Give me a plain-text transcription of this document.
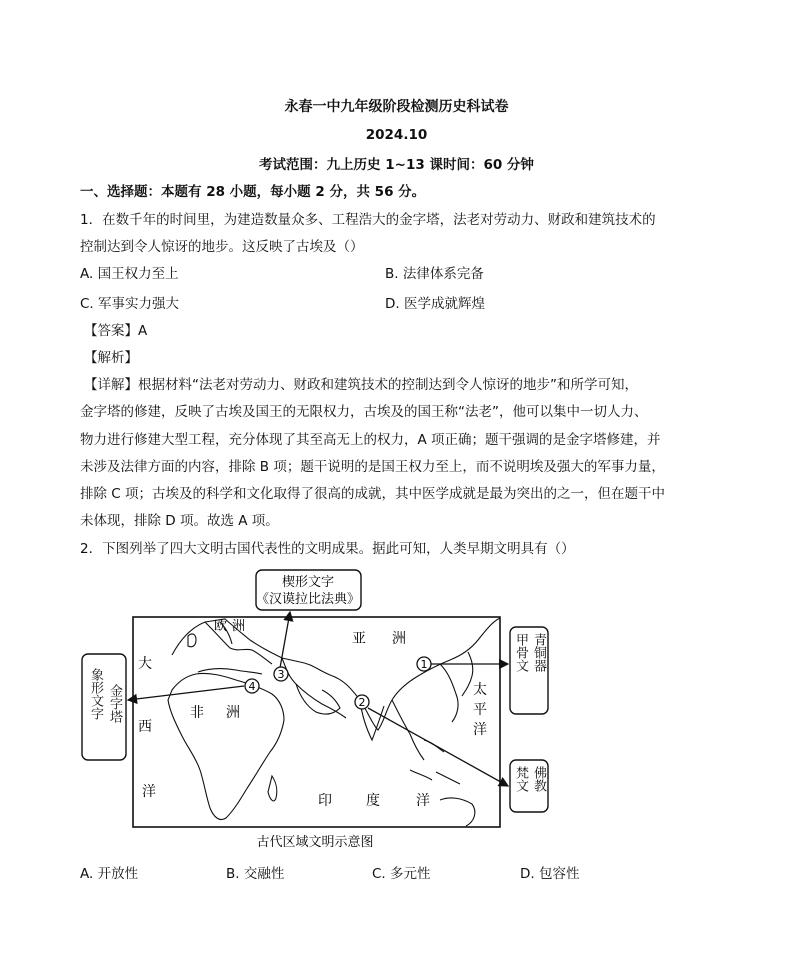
永春一中九年级阶段检测历史科试卷
2024.10
考试范围：九上历史 1~13 课时间：60 分钟
一、选择题：本题有 28 小题，每小题 2 分，共 56 分。
1．在数千年的时间里，为建造数量众多、工程浩大的金字塔，法老对劳动力、财政和建筑技术的
控制达到令人惊讶的地步。这反映了古埃及（）
A. 国王权力至上	B. 法律体系完备
C. 军事实力强大	D. 医学成就辉煌
【答案】A
【解析】
【详解】根据材料“法老对劳动力、财政和建筑技术的控制达到令人惊讶的地步”和所学可知，
金字塔的修建，反映了古埃及国王的无限权力，古埃及的国王称“法老”，他可以集中一切人力、
物力进行修建大型工程，充分体现了其至高无上的权力，A 项正确；题干强调的是金字塔修建，并
未涉及法律方面的内容，排除 B 项；题干说明的是国王权力至上，而不说明埃及强大的军事力量，
排除 C 项；古埃及的科学和文化取得了很高的成就，其中医学成就是最为突出的之一，但在题干中
未体现，排除 D 项。故选 A 项。
2．下图列举了四大文明古国代表性的文明成果。据此可知，人类早期文明具有（）
楔形文字
《汉谟拉比法典》
1
2
3
4
欧 洲
亚 洲
非 洲
大
西
洋
太
平
洋
印 度	洋
古代区域文明示意图
甲骨文 青铜器
梵文 佛教
象形文字 金字塔
A. 开放性	B. 交融性	C. 多元性	D. 包容性
